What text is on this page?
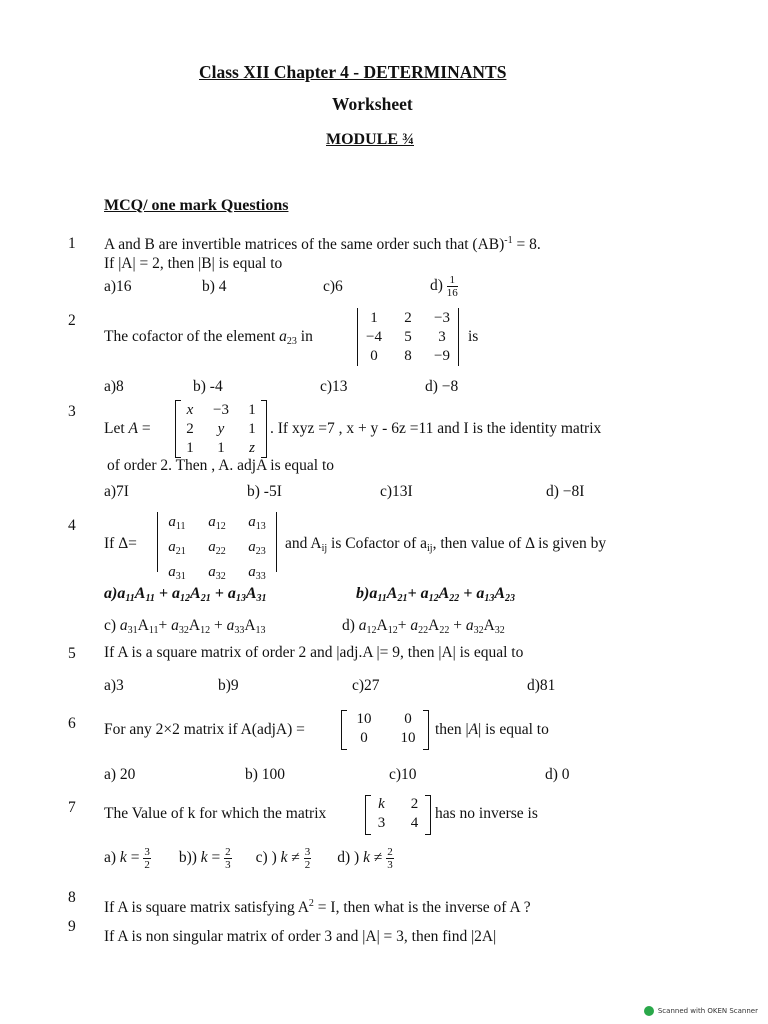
Class XII Chapter 4 - DETERMINANTS
Worksheet
MODULE ¾
MCQ/ one mark Questions
1 A and B are invertible matrices of the same order such that (AB)$^{-1}$ = 8.
If |A| = 2, then |B| is equal to
a)16	b) 4	c)6	$d) \frac{1}{16}$
2
The cofactor of the element $a_{23}$ in
1	2	−3
−4	5	3
0	8	−9
is
a)8	b) -4	c)13	d) −8
3
Let A =
x	−3	1
2	y	1
1	1	z
. If xyz =7 , x + y - 6z =11 and I is the identity matrix
of order 2. Then , A. adjA is equal to
a)7I	b) -5I	c)13I	d) −8I
4
If Δ=
$a_{11}$	$a_{12}$	$a_{13}$
$a_{21}$	$a_{22}$	$a_{23}$
$a_{31}$	$a_{32}$	$a_{33}$
and $A_{ij}$ is Cofactor of $a_{ij}$, then value of Δ is given by
$a)a_{11}A_{11} + a_{12}A_{21} + a_{13}A_{31}$	$b)a_{11}A_{21}+ a_{12}A_{22} + a_{13}A_{23}$
c) $a_{31}A_{11}+ a_{32}A_{12} + a_{33}A_{13}$	d) $a_{12}A_{12}+ a_{22}A_{22} + a_{32}A_{32}$
5 If A is a square matrix of order 2 and |adj.A |= 9, then |A| is equal to
a)3	b)9	c)27	d)81
6 For any 2×2 matrix if A(adjA) =
10	0
0	10	then |A| is equal to
a) 20	b) 100	c)10	d) 0
7 The Value of k for which the matrix
k	2
3	4
has no inverse is
a) $k = \frac{3}{2} b$)) $k = \frac{2}{3} c$) ) $k \ne \frac{3}{2} d$) ) $k \ne \frac{2}{3}$
8
If A is square matrix satisfying $A^2 = I$, then what is the inverse of A ?
9
If A is non singular matrix of order 3 and |A| = 3, then find |2A|
Scanned with OKEN Scanner
